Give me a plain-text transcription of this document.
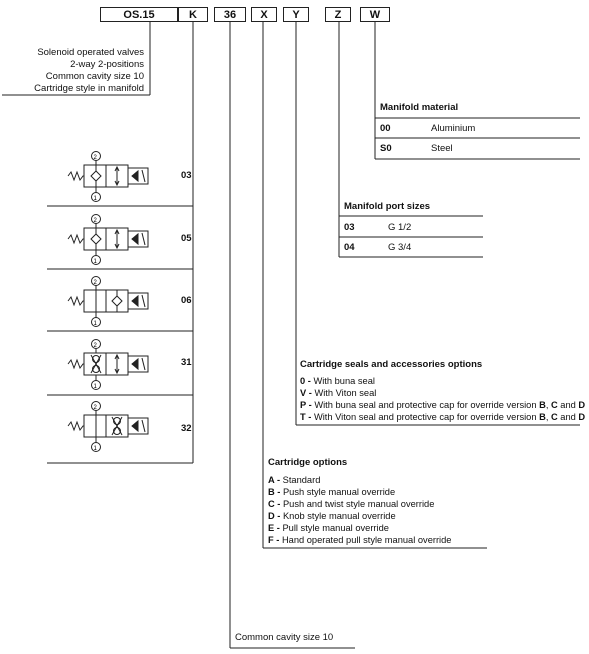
OS.15	K	36	X	Y	Z	W
Solenoid operated valves
2-way 2-positions
Common cavity size 10
Cartridge style in manifold
Manifold material
00	Aluminium
S0	Steel
Manifold port sizes
03	G 1/2
04	G 3/4
Cartridge seals and accessories options
0 - With buna seal
V - With Viton seal
P - With buna seal and protective cap for override version B, C and D
T - With Viton seal and protective cap for override version B, C and D
Cartridge options
A - Standard
B - Push style manual override
C - Push and twist style manual override
D - Knob style manual override
E - Pull style manual override
F - Hand operated pull style manual override
Common cavity size 10
03
05
06
31
32
2
1
2
1
2
1
2
1
2
1
